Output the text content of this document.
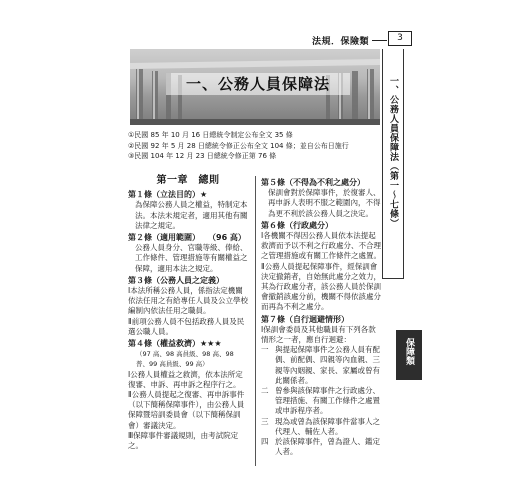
法規．保險類	3
一、公務人員保障法	一、公務人員保障法（第一～七條）
保障類
①民國 85 年 10 月 16 日總統令制定公布全文 35 條
②民國 92 年 5 月 28 日總統令修正公布全文 104 條；並自公布日施行
③民國 104 年 12 月 23 日總統令修正第 76 條
第一章　總則
第１條（立法目的）★
為保障公務人員之權益，特制定本法。本法未規定者，適用其他有關法律之規定。
第２條（適用範圍）　　（96 高）
公務人員身分、官職等級、俸給、工作條件、管理措施等有關權益之保障，適用本法之規定。
第３條（公務人員之定義）
Ⅰ本法所稱公務人員，係指法定機關依法任用之有給專任人員及公立學校編制內依法任用之職員。
Ⅱ前項公務人員不包括政務人員及民選公職人員。
第４條（權益救濟）★★★
（97 高、98 高員級、98 高、98 普、99 高員級、99 高）
Ⅰ公務人員權益之救濟，依本法所定復審、申訴、再申訴之程序行之。
Ⅱ公務人員提起之復審、再申訴事件（以下簡稱保障事件），由公務人員保障暨培訓委員會（以下簡稱保訓會）審議決定。
Ⅲ保障事件審議規則，由考試院定之。
第５條（不得為不利之處分）
保訓會對於保障事件，於復審人、再申訴人表明不服之範圍內，不得為更不利於該公務人員之決定。
第６條（行政處分）
Ⅰ各機關不得因公務人員依本法提起救濟而予以不利之行政處分、不合理之管理措施或有關工作條件之處置。
Ⅱ公務人員提起保障事件，經保訓會決定撤銷者，自始無此處分之效力，其為行政處分者，該公務人員於保訓會撤銷該處分前，機關不得依該處分而再為不利之處分。
第７條（自行迴避情形）
Ⅰ保訓會委員及其他職員有下列各款情形之一者，應自行迴避：
一 與提起保障事件之公務人員有配偶、前配偶、四親等內血親、三親等內姻親、家長、家屬或曾有此關係者。
二 曾參與該保障事件之行政處分、管理措施、有關工作條件之處置或申訴程序者。
三 現為或曾為該保障事件當事人之代理人、輔佐人者。
四 於該保障事件，曾為證人、鑑定人者。
